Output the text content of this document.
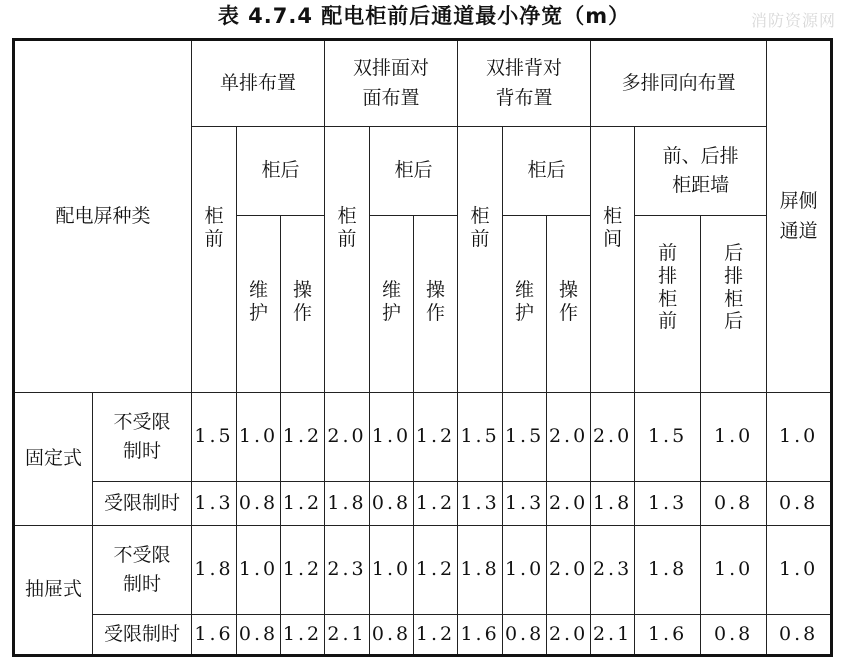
表 4.7.4 配电柜前后通道最小净宽（m）	消防资源网
配电屏种类		单排布置			双排面对面布置			双排背对背布置			多排同向布置			屏侧通道
		柜前	柜后		柜前	柜后		柜前	柜后		柜间	前、后排柜距墙		
			维护	操作		维护	操作		维护	操作		前排柜前	后排柜后	
固定式	不受限制时	1.5	1.0	1.2	2.0	1.0	1.2	1.5	1.5	2.0	2.0	1.5	1.0	1.0
	受限制时	1.3	0.8	1.2	1.8	0.8	1.2	1.3	1.3	2.0	1.8	1.3	0.8	0.8
抽屉式	不受限制时	1.8	1.0	1.2	2.3	1.0	1.2	1.8	1.0	2.0	2.3	1.8	1.0	1.0
	受限制时	1.6	0.8	1.2	2.1	0.8	1.2	1.6	0.8	2.0	2.1	1.6	0.8	0.8
